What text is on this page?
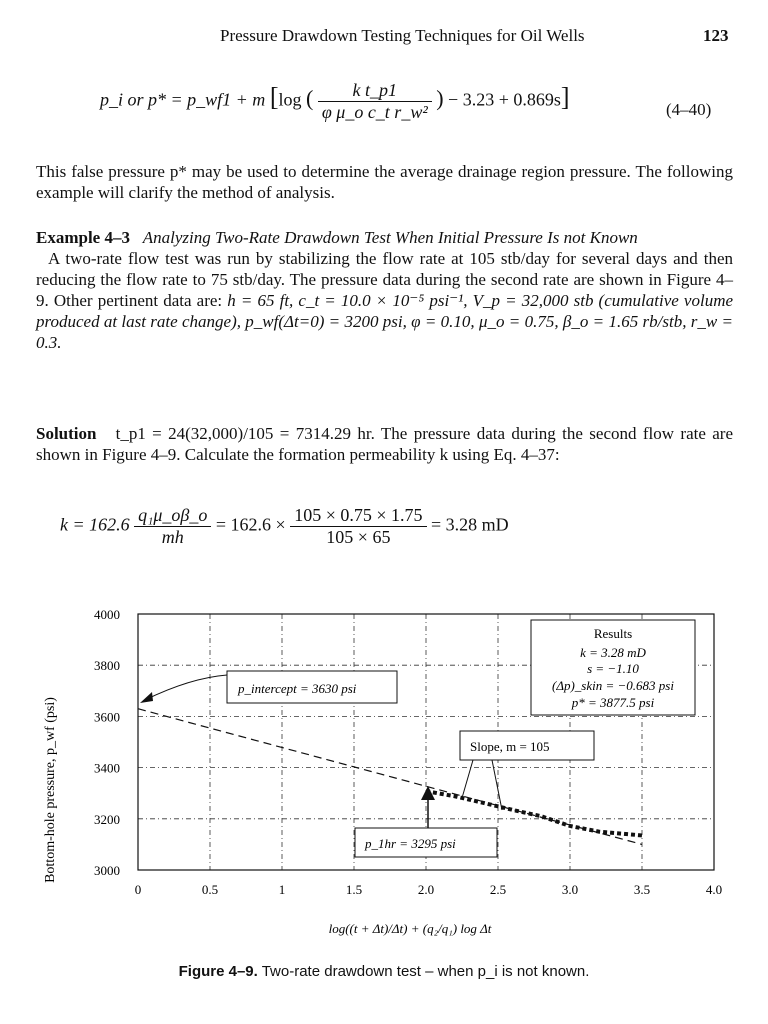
Pressure Drawdown Testing Techniques for Oil Wells	123
p_i or p* = p_wf1 + m [log ( $\frac{\text{k t\_p1}}{\text{φ μ\_o c\_t r\_w²}}$ ) − 3.23 + 0.869s]	(4–40)

This false pressure p* may be used to determine the average drainage region pressure. The following example will clarify the method of analysis.

Example 4–3 Analyzing Two-Rate Drawdown Test When Initial Pressure Is not Known

A two-rate flow test was run by stabilizing the flow rate at 105 stb/day for several days and then reducing the flow rate to 75 stb/day. The pressure data during the second rate are shown in Figure 4–9. Other pertinent data are: h = 65 ft, c_t = 10.0 × 10⁻⁵ psi⁻¹, V_p = 32,000 stb (cumulative volume produced at last rate change), p_wf(Δt=0) = 3200 psi, φ = 0.10, μ_o = 0.75, β_o = 1.65 rb/stb, r_w = 0.3.

Solution t_p1 = 24(32,000)/105 = 7314.29 hr. The pressure data during the second flow rate are shown in Figure 4–9. Calculate the formation permeability k using Eq. 4–37:

$k = 162.6 \frac{\text{q₁μ\_oβ\_o}}{mh} = 162.6 \times \frac{105 \times 0.75 \times 1.75}{105 \times 65} = 3.28$ mD
3000
3200
3400
3600
3800
4000
0	0.5	1	1.5	2.0	2.5	3.0	3.5	4.0
Bottom-hole pressure, p_wf (psi)
log((t + Δt)/Δt) + (q₂/q₁) log Δt
p_intercept = 3630 psi
Slope, m = 105
p_1hr = 3295 psi
Results
k = 3.28 mD
s = −1.10
(Δp)_skin = −0.683 psi
p* = 3877.5 psi
Figure 4–9. Two-rate drawdown test – when p_i is not known.
